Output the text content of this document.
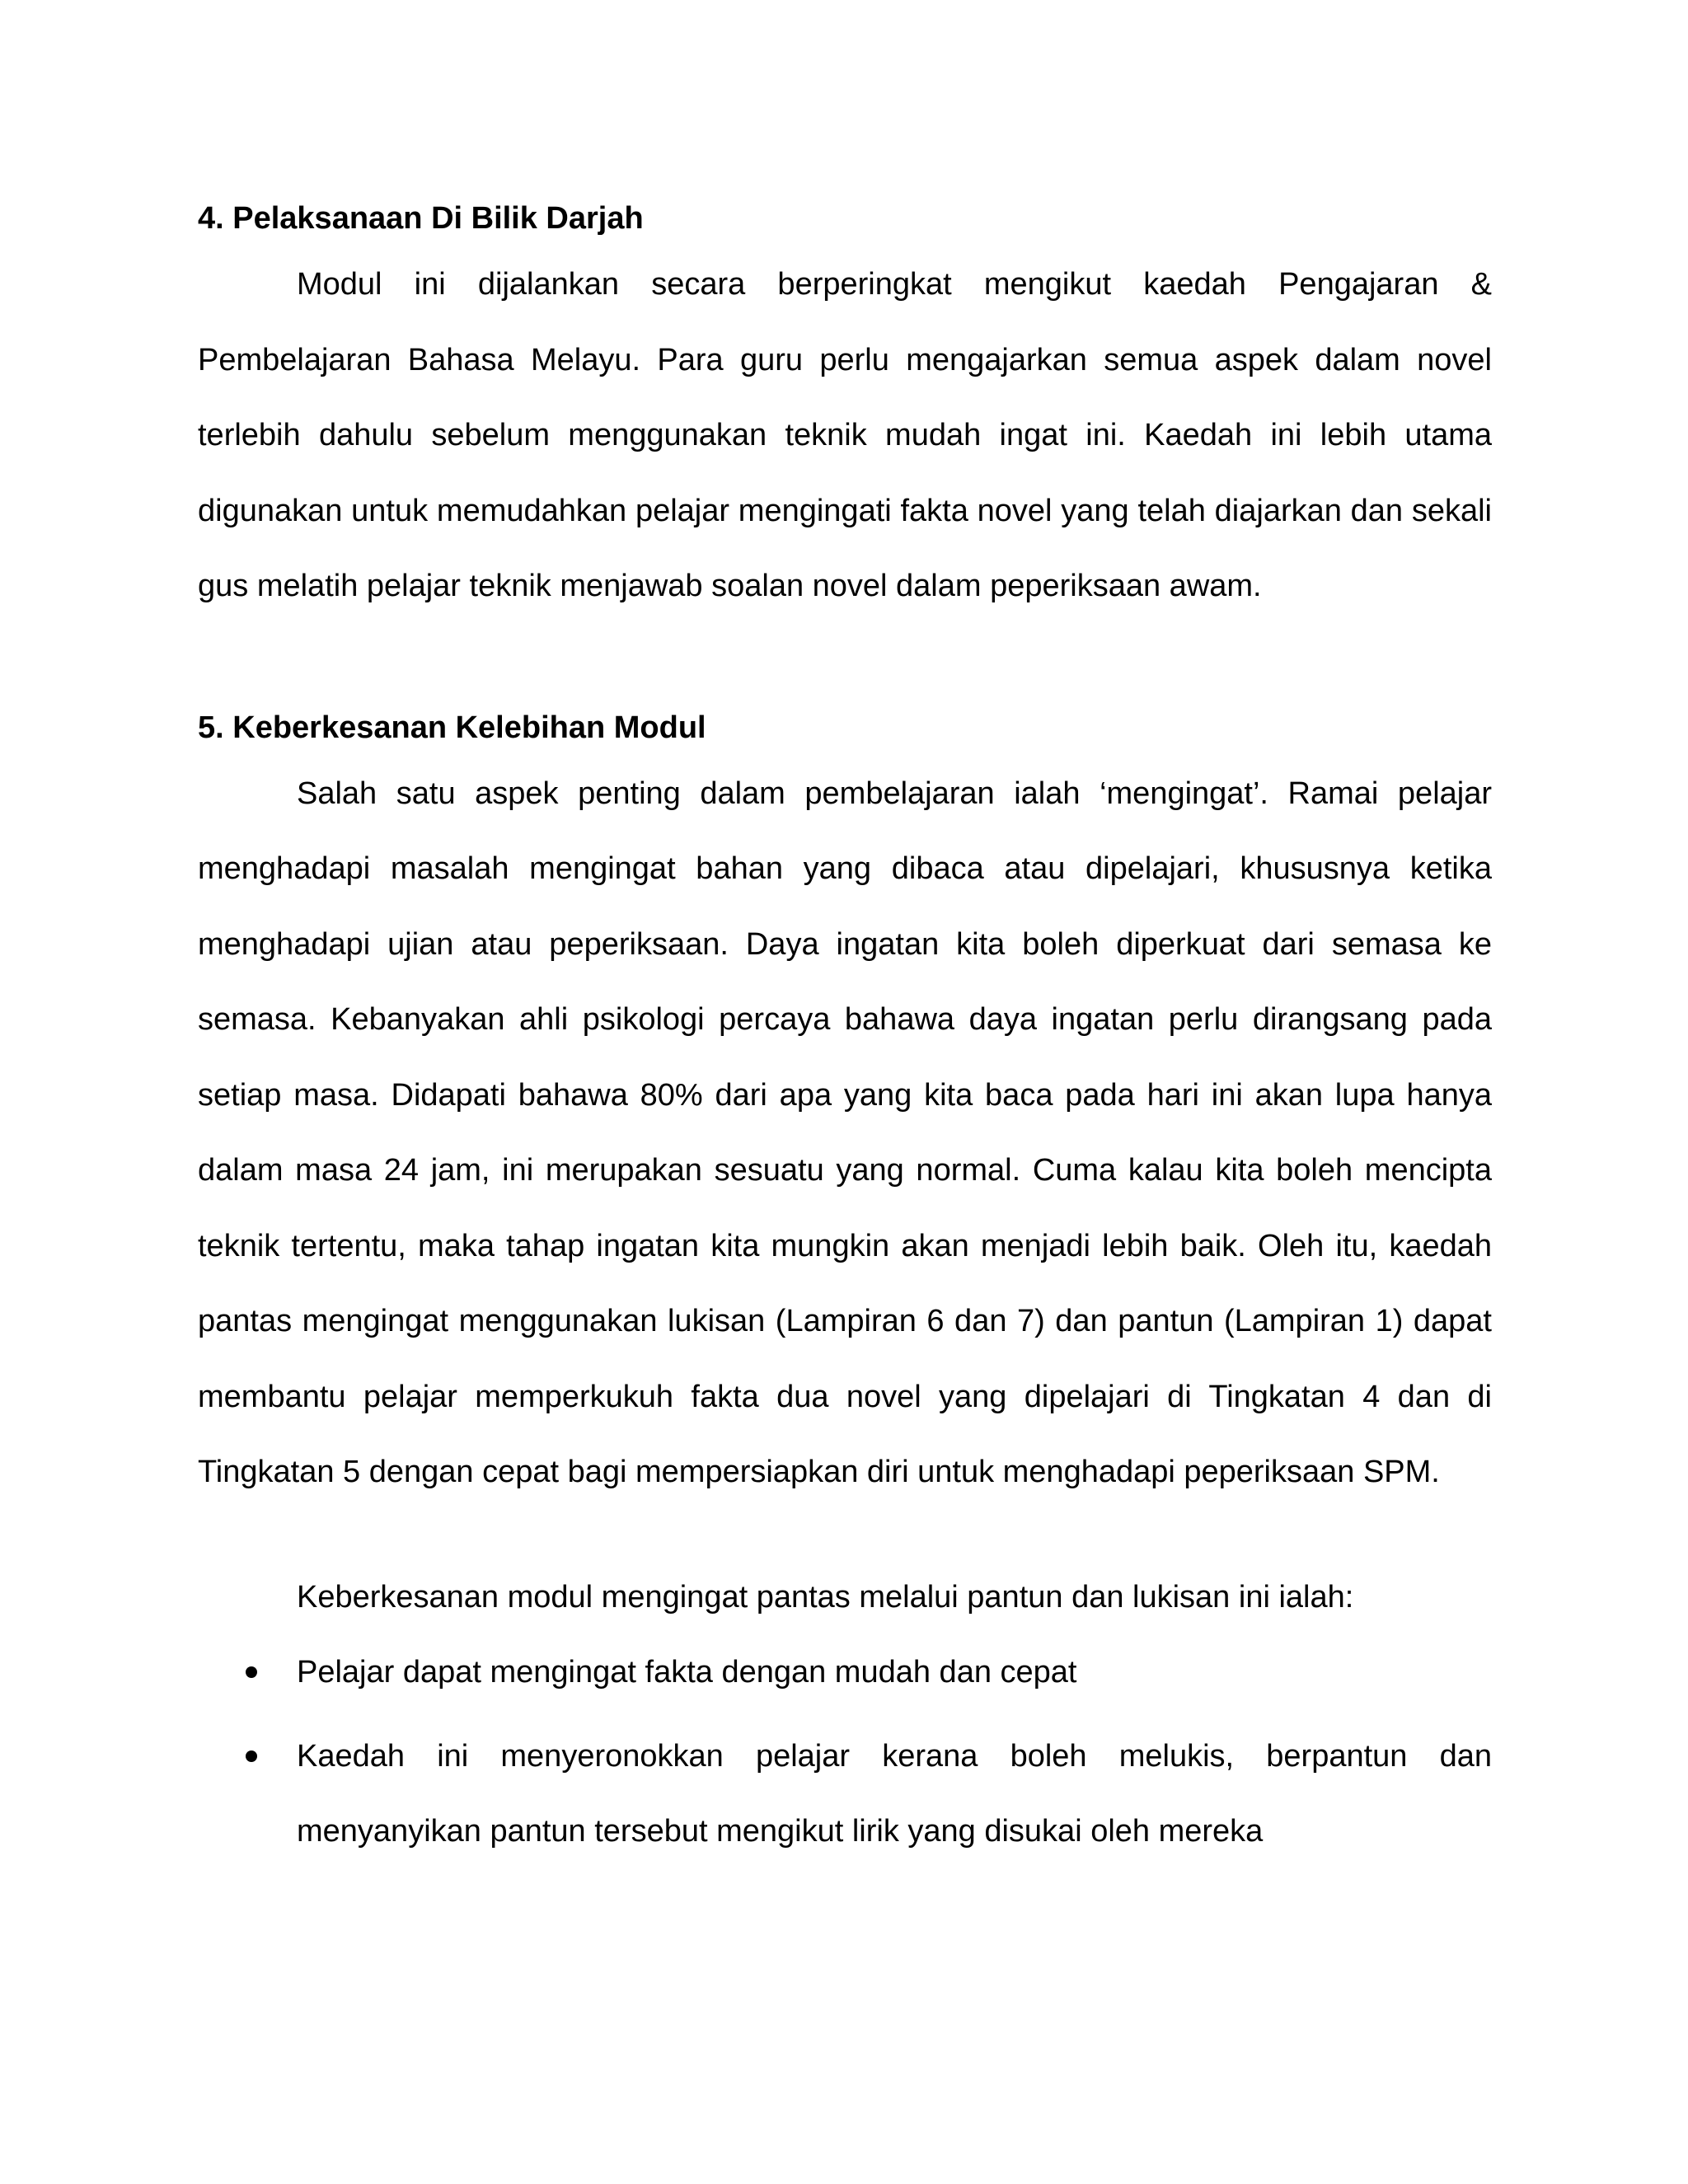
4. Pelaksanaan Di Bilik Darjah

Modul ini dijalankan secara berperingkat mengikut kaedah Pengajaran & Pembelajaran Bahasa Melayu. Para guru perlu mengajarkan semua aspek dalam novel terlebih dahulu sebelum menggunakan teknik mudah ingat ini. Kaedah ini lebih utama digunakan untuk memudahkan pelajar mengingati fakta novel yang telah diajarkan dan sekali gus melatih pelajar teknik menjawab soalan novel dalam peperiksaan awam.

5. Keberkesanan Kelebihan Modul

Salah satu aspek penting dalam pembelajaran ialah ‘mengingat’. Ramai pelajar menghadapi masalah mengingat bahan yang dibaca atau dipelajari, khususnya ketika menghadapi ujian atau peperiksaan. Daya ingatan kita boleh diperkuat dari semasa ke semasa. Kebanyakan ahli psikologi percaya bahawa daya ingatan perlu dirangsang pada setiap masa. Didapati bahawa 80% dari apa yang kita baca pada hari ini akan lupa hanya dalam masa 24 jam, ini merupakan sesuatu yang normal. Cuma kalau kita boleh mencipta teknik tertentu, maka tahap ingatan kita mungkin akan menjadi lebih baik. Oleh itu, kaedah pantas mengingat menggunakan lukisan (Lampiran 6 dan 7) dan pantun (Lampiran 1) dapat membantu pelajar memperkukuh fakta dua novel yang dipelajari di Tingkatan 4 dan di Tingkatan 5 dengan cepat bagi mempersiapkan diri untuk menghadapi peperiksaan SPM.

Keberkesanan modul mengingat pantas melalui pantun dan lukisan ini ialah:

Pelajar dapat mengingat fakta dengan mudah dan cepat
Kaedah ini menyeronokkan pelajar kerana boleh melukis, berpantun dan menyanyikan pantun tersebut mengikut lirik yang disukai oleh mereka
